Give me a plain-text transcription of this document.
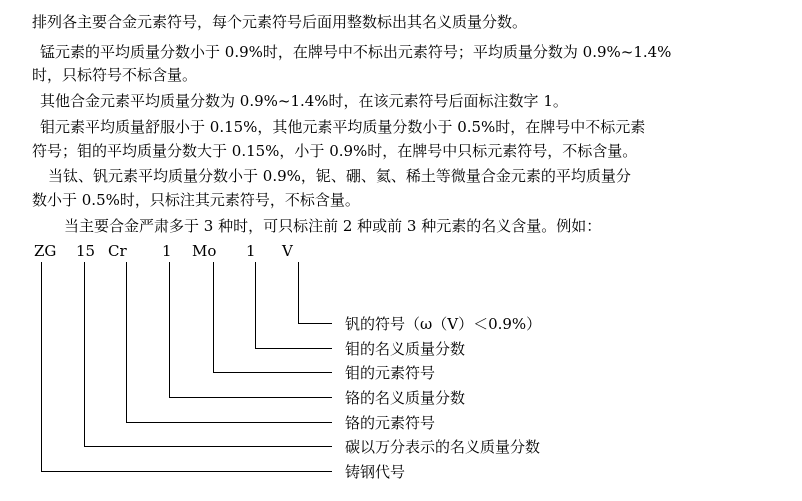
排列各主要合金元素符号，每个元素符号后面用整数标出其名义质量分数。
锰元素的平均质量分数小于 0.9%时，在牌号中不标出元素符号；平均质量分数为 0.9%~1.4%
时，只标符号不标含量。
其他合金元素平均质量分数为 0.9%~1.4%时，在该元素符号后面标注数字 1。
钼元素平均质量舒服小于 0.15%，其他元素平均质量分数小于 0.5%时，在牌号中不标元素
符号；钼的平均质量分数大于 0.15%，小于 0.9%时，在牌号中只标元素符号，不标含量。
当钛、钒元素平均质量分数小于 0.9%，铌、硼、氦、稀土等微量合金元素的平均质量分
数小于 0.5%时，只标注其元素符号，不标含量。
当主要合金严肃多于 3 种时，可只标注前 2 种或前 3 种元素的名义含量。例如：
ZG 15 Cr 1 Mo 1 V
钒的符号（ω（V）＜0.9%）
钼的名义质量分数
钼的元素符号
铬的名义质量分数
铬的元素符号
碳以万分表示的名义质量分数
铸钢代号
